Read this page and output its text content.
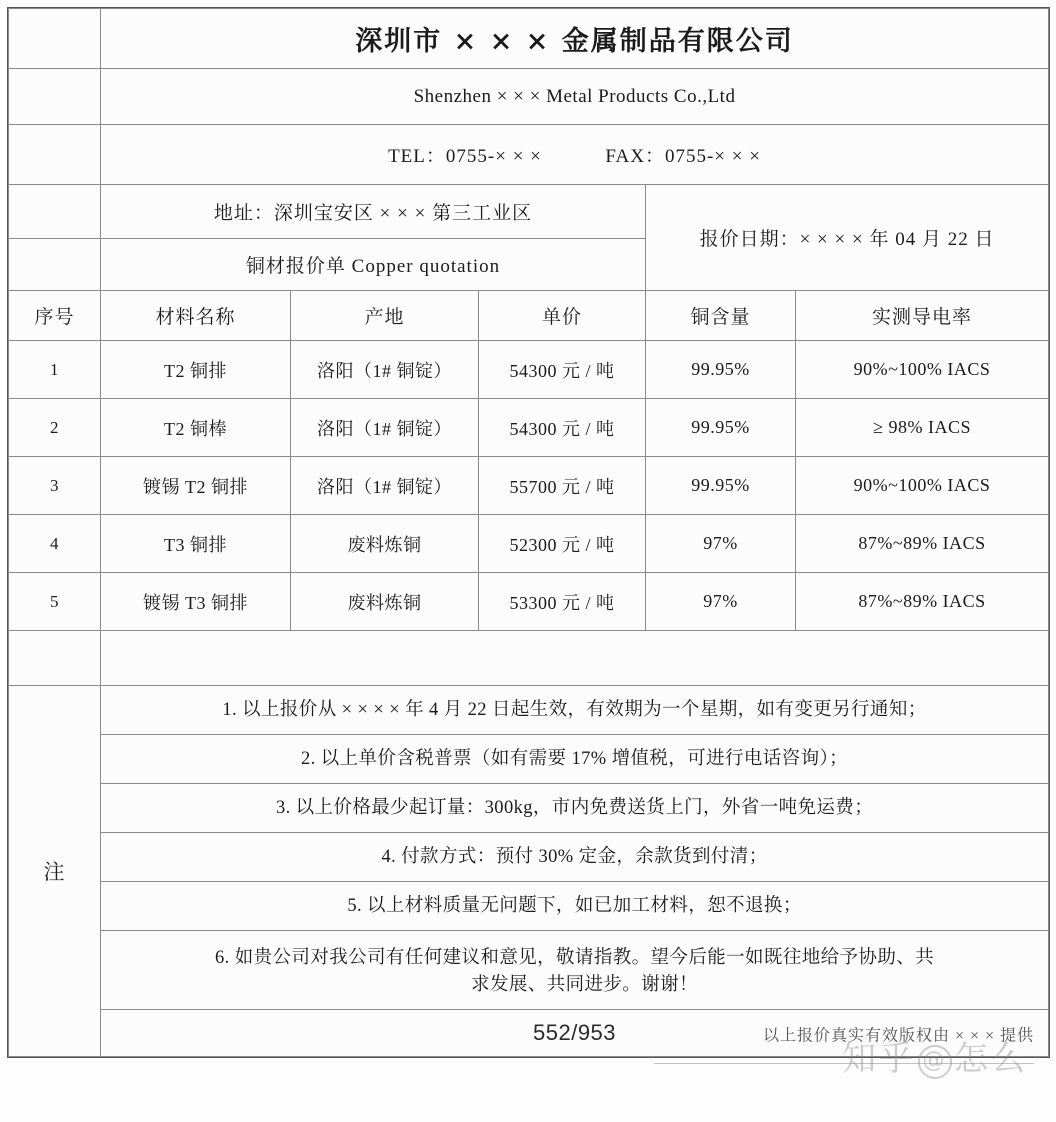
	深圳市 × × × 金属制品有限公司				
	Shenzhen × × × Metal Products Co.,Ltd				
	TEL：0755-× × × FAX：0755-× × ×				
	地址：深圳宝安区 × × × 第三工业区			报价日期：× × × × 年 04 月 22 日	
	铜材报价单 Copper quotation				
序号	材料名称	产地	单价	铜含量	实测导电率
1	T2 铜排	洛阳（1# 铜锭）	54300 元 / 吨	99.95%	90%~100% IACS
2	T2 铜棒	洛阳（1# 铜锭）	54300 元 / 吨	99.95%	≥ 98% IACS
3	镀锡 T2 铜排	洛阳（1# 铜锭）	55700 元 / 吨	99.95%	90%~100% IACS
4	T3 铜排	废料炼铜	52300 元 / 吨	97%	87%~89% IACS
5	镀锡 T3 铜排	废料炼铜	53300 元 / 吨	97%	87%~89% IACS

注	1. 以上报价从 × × × × 年 4 月 22 日起生效，有效期为一个星期，如有变更另行通知；				
	2. 以上单价含税普票（如有需要 17% 增值税，可进行电话咨询）；				
	3. 以上价格最少起订量：300kg，市内免费送货上门，外省一吨免运费；				
	4. 付款方式：预付 30% 定金，余款货到付清；				
	5. 以上材料质量无问题下，如已加工材料，恕不退换；				
	6. 如贵公司对我公司有任何建议和意见，敬请指教。望今后能一如既往地给予协助、共
求发展、共同进步。谢谢！				

	552/953 以上报价真实有效版权由 × × × 提供				
知乎 @ 怎么
